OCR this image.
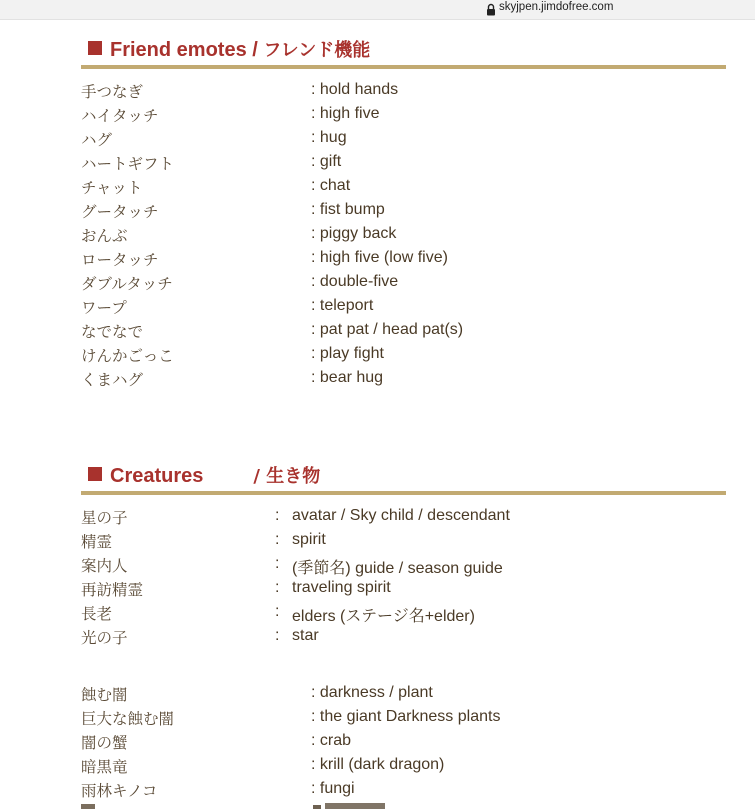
skyjpen.jimdofree.com
Friend emotes / フレンド機能
手つなぎ	: hold hands
ハイタッチ	: high five
ハグ	: hug
ハートギフト	: gift
チャット	: chat
グータッチ	: fist bump
おんぶ	: piggy back
ロータッチ	: high five (low five)
ダブルタッチ	: double-five
ワープ	: teleport
なでなで	: pat pat / head pat(s)
けんかごっこ	: play fight
くまハグ	: bear hug
Creatures	/ 生き物
星の子	: avatar / Sky child / descendant
精霊	: spirit
案内人	: (季節名) guide / season guide
再訪精霊	: traveling spirit
長老	: elders (ステージ名+elder)
光の子	: star
蝕む闇	: darkness / plant
巨大な蝕む闇	: the giant Darkness plants
闇の蟹	: crab
暗黒竜	: krill (dark dragon)
雨林キノコ	: fungi
